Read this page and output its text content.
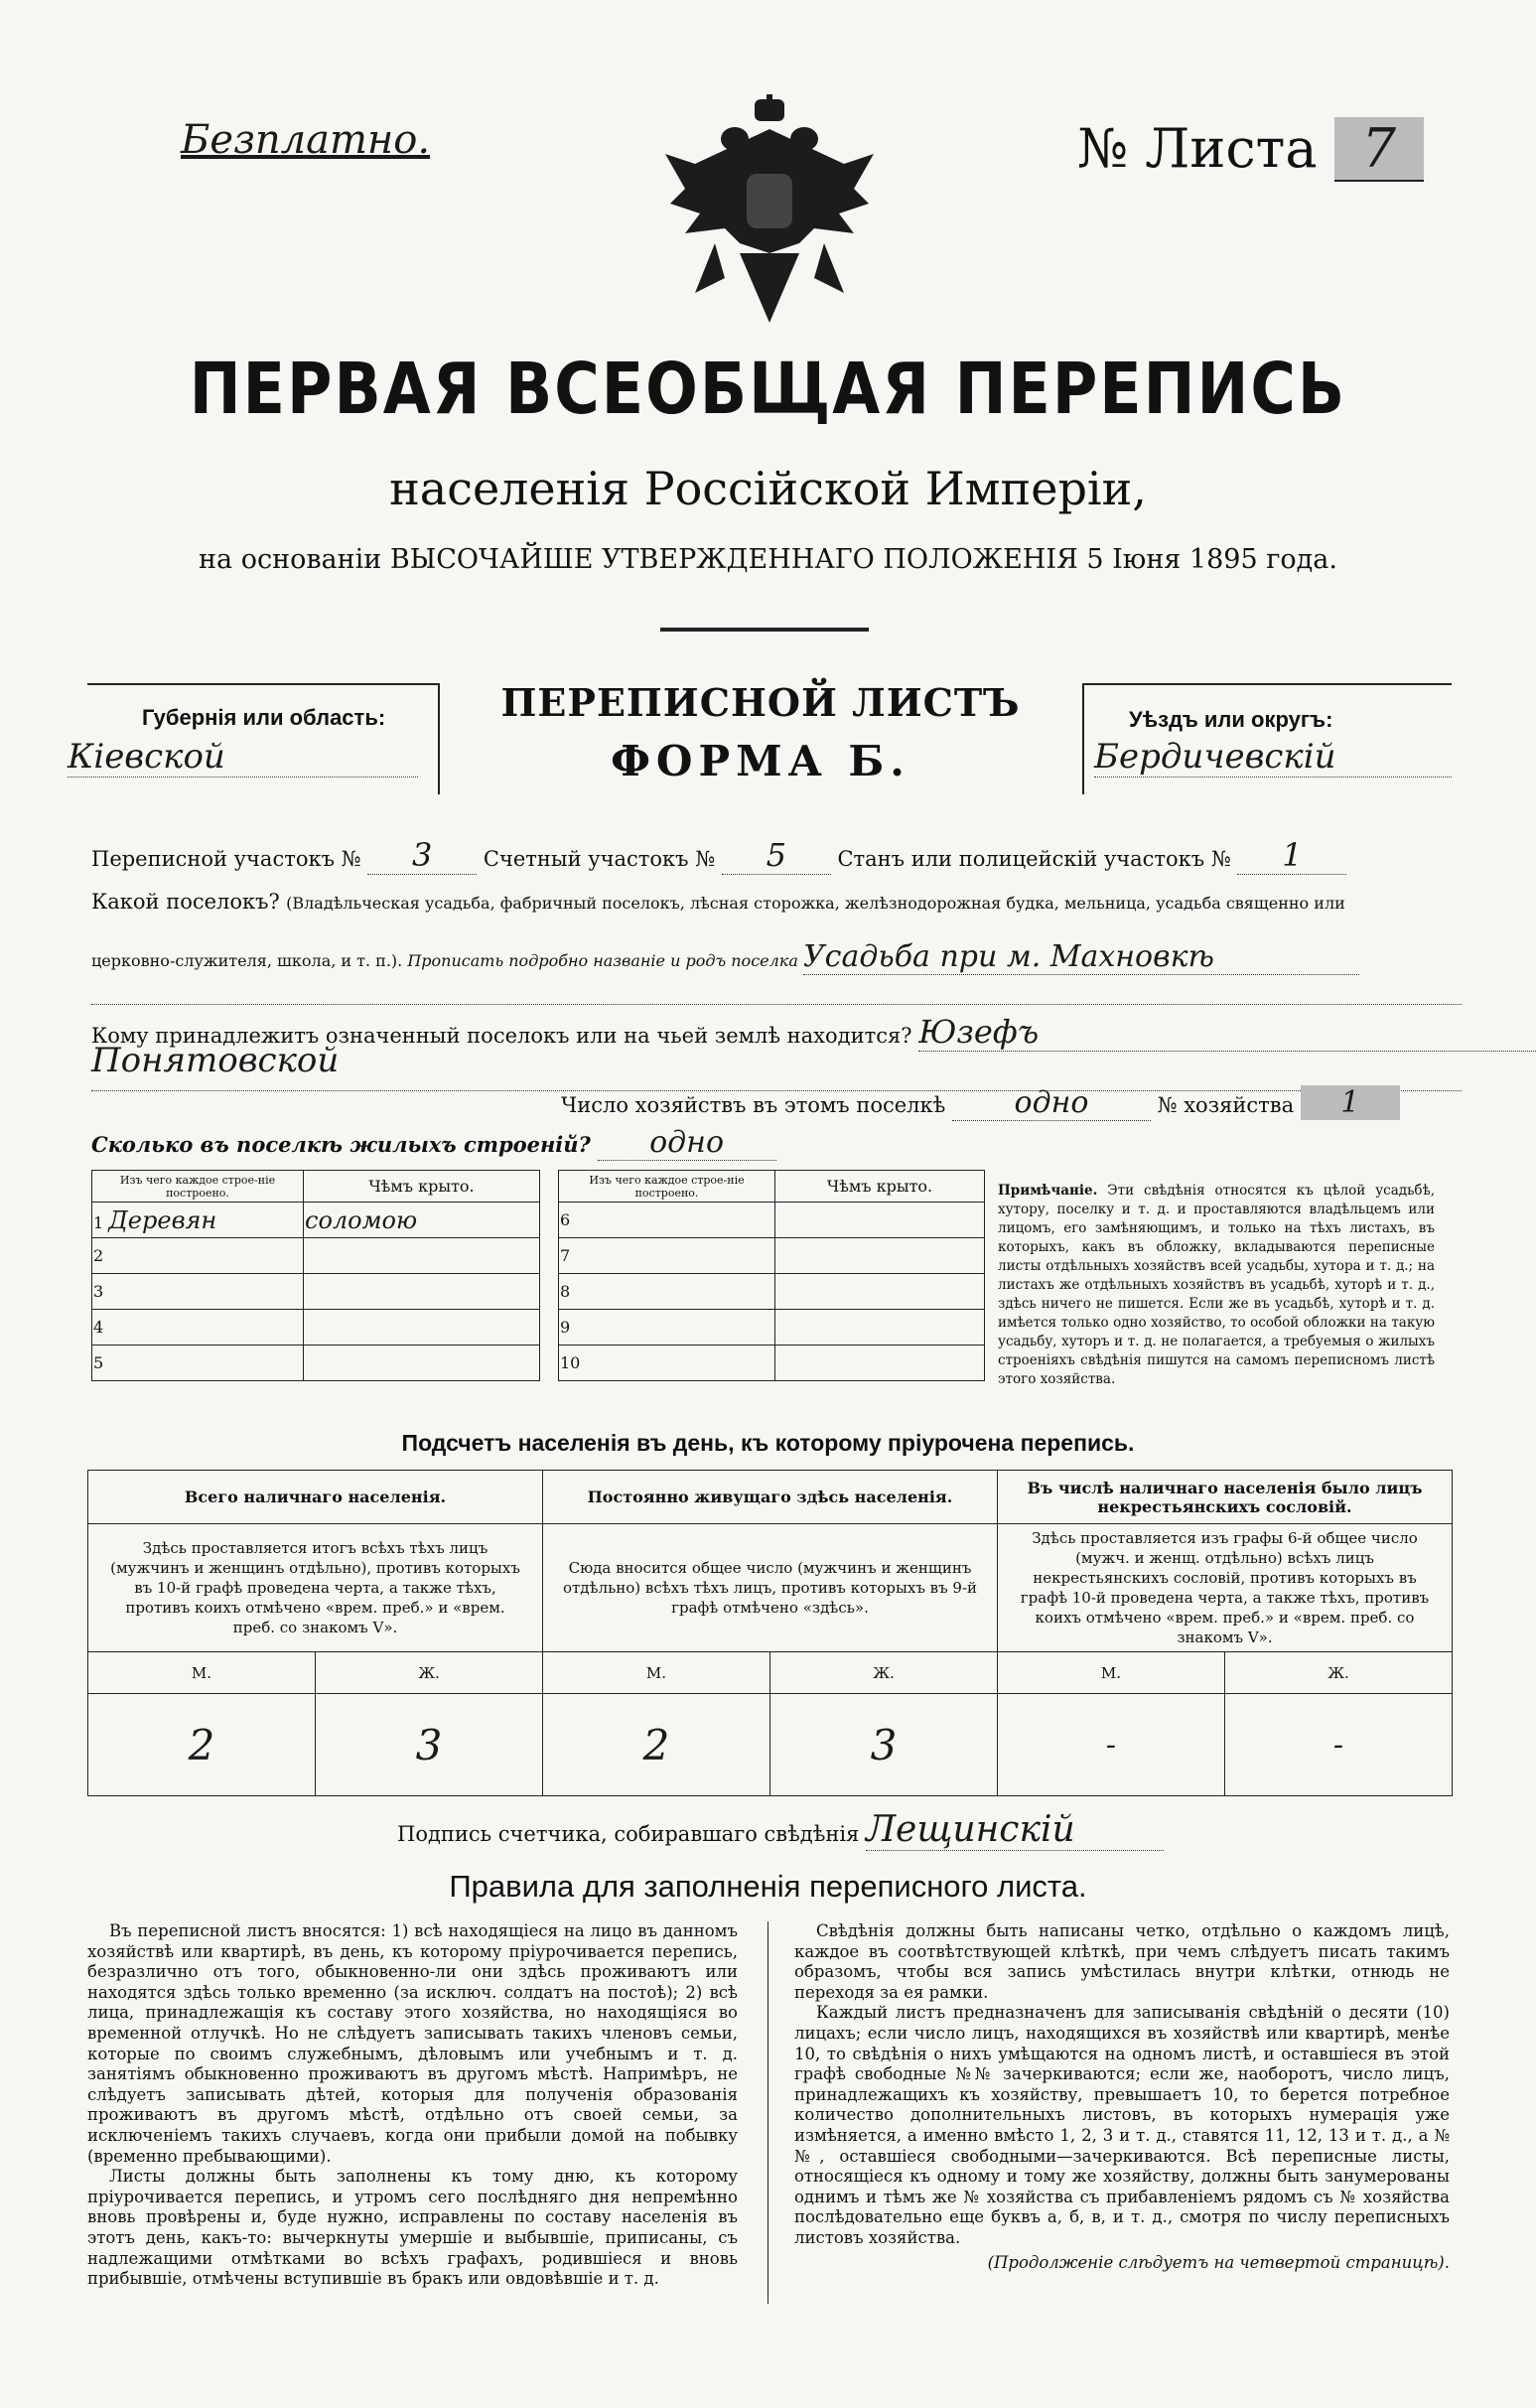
Безплатно.	№ Листа 7
ПЕРВАЯ ВСЕОБЩАЯ ПЕРЕПИСЬ
населенія Россійской Имперіи,
на основаніи ВЫСОЧАЙШЕ УТВЕРЖДЕННАГО ПОЛОЖЕНІЯ 5 Іюня 1895 года.
Губернія или область:
Кіевской
ПЕРЕПИСНОЙ ЛИСТЪ
ФОРМА Б.
Уѣздъ или округъ:
Бердичевскій
Переписной участокъ № 3 Счетный участокъ № 5 Станъ или полицейскій участокъ № 1
Какой поселокъ? (Владѣльческая усадьба, фабричный поселокъ, лѣсная сторожка, желѣзнодорожная будка, мельница, усадьба священно или
церковно-служителя, школа, и т. п.). Прописать подробно названіе и родъ поселка Усадьба при м. Махновкѣ
Кому принадлежитъ означенный поселокъ или на чьей землѣ находится? Юзефъ
Понятовской
Число хозяйствъ въ этомъ поселкѣ одно	№ хозяйства 1
Сколько въ поселкѣ жилыхъ строеній? одно
Изъ чего каждое строе-ніе построено.	Чѣмъ крыто.
1 Деревян	соломою
2	
3	
4	
5	
Изъ чего каждое строе-ніе построено.	Чѣмъ крыто.
6	
7	
8	
9	
10	
Примѣчаніе. Эти свѣдѣнія относятся къ цѣлой усадьбѣ, хутору, поселку и т. д. и проставляются владѣльцемъ или лицомъ, его замѣняющимъ, и только на тѣхъ листахъ, въ которыхъ, какъ въ обложку, вкладываются переписные листы отдѣльныхъ хозяйствъ всей усадьбы, хутора и т. д.; на листахъ же отдѣльныхъ хозяйствъ въ усадьбѣ, хуторѣ и т. д., здѣсь ничего не пишется. Если же въ усадьбѣ, хуторѣ и т. д. имѣется только одно хозяйство, то особой обложки на такую усадьбу, хуторъ и т. д. не полагается, а требуемыя о жилыхъ строеніяхъ свѣдѣнія пишутся на самомъ переписномъ листѣ этого хозяйства.
Подсчетъ населенія въ день, къ которому пріурочена перепись.
Всего наличнаго населенія.		Постоянно живущаго здѣсь населенія.		Въ числѣ наличнаго населенія было лицъ некрестьянскихъ сословій.	
Здѣсь проставляется итогъ всѣхъ тѣхъ лицъ (мужчинъ и женщинъ отдѣльно), противъ которыхъ въ 10-й графѣ проведена черта, а также тѣхъ, противъ коихъ отмѣчено «врем. преб.» и «врем. преб. со знакомъ V».		Сюда вносится общее число (мужчинъ и женщинъ отдѣльно) всѣхъ тѣхъ лицъ, противъ которыхъ въ 9-й графѣ отмѣчено «здѣсь».		Здѣсь проставляется изъ графы 6-й общее число (мужч. и женщ. отдѣльно) всѣхъ лицъ некрестьянскихъ сословій, противъ которыхъ въ графѣ 10-й проведена черта, а также тѣхъ, противъ коихъ отмѣчено «врем. преб.» и «врем. преб. со знакомъ V».	
М.	Ж.	М.	Ж.	М.	Ж.
2	3	2	3	-	-
Подпись счетчика, собиравшаго свѣдѣнія Лещинскій
Правила для заполненія переписного листа.

Въ переписной листъ вносятся: 1) всѣ находящіеся на лицо въ данномъ хозяйствѣ или квартирѣ, въ день, къ которому пріурочивается перепись, безразлично отъ того, обыкновенно-ли они здѣсь проживаютъ или находятся здѣсь только временно (за исключ. солдатъ на постоѣ); 2) всѣ лица, принадлежащія къ составу этого хозяйства, но находящіяся во временной отлучкѣ. Но не слѣдуетъ записывать такихъ членовъ семьи, которые по своимъ служебнымъ, дѣловымъ или учебнымъ и т. д. занятіямъ обыкновенно проживаютъ въ другомъ мѣстѣ. Напримѣръ, не слѣдуетъ записывать дѣтей, которыя для полученія образованія проживаютъ въ другомъ мѣстѣ, отдѣльно отъ своей семьи, за исключеніемъ такихъ случаевъ, когда они прибыли домой на побывку (временно пребывающими).

Листы должны быть заполнены къ тому дню, къ которому пріурочивается перепись, и утромъ сего послѣдняго дня непремѣнно вновь провѣрены и, буде нужно, исправлены по составу населенія въ этотъ день, какъ-то: вычеркнуты умершіе и выбывшіе, приписаны, съ надлежащими отмѣтками во всѣхъ графахъ, родившіеся и вновь прибывшіе, отмѣчены вступившіе въ бракъ или овдовѣвшіе и т. д.

Свѣдѣнія должны быть написаны четко, отдѣльно о каждомъ лицѣ, каждое въ соотвѣтствующей клѣткѣ, при чемъ слѣдуетъ писать такимъ образомъ, чтобы вся запись умѣстилась внутри клѣтки, отнюдь не переходя за ея рамки.

Каждый листъ предназначенъ для записыванія свѣдѣній о десяти (10) лицахъ; если число лицъ, находящихся въ хозяйствѣ или квартирѣ, менѣе 10, то свѣдѣнія о нихъ умѣщаются на одномъ листѣ, и оставшіеся въ этой графѣ свободные №№ зачеркиваются; если же, наоборотъ, число лицъ, принадлежащихъ къ хозяйству, превышаетъ 10, то берется потребное количество дополнительныхъ листовъ, въ которыхъ нумерація уже измѣняется, а именно вмѣсто 1, 2, 3 и т. д., ставятся 11, 12, 13 и т. д., а №№, оставшіеся свободными—зачеркиваются. Всѣ переписные листы, относящіеся къ одному и тому же хозяйству, должны быть занумерованы однимъ и тѣмъ же № хозяйства съ прибавленіемъ рядомъ съ № хозяйства послѣдовательно еще буквъ а, б, в, и т. д., смотря по числу переписныхъ листовъ хозяйства.

(Продолженіе слѣдуетъ на четвертой страницѣ).
